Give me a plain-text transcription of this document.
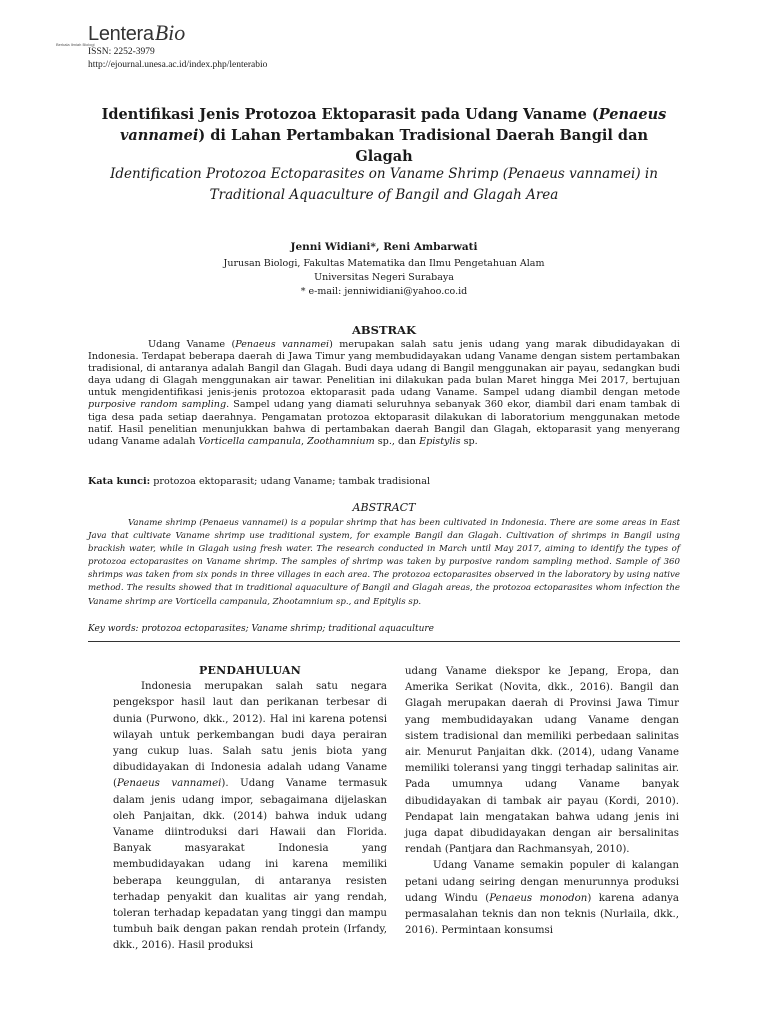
Lentera Bio
Berkala Ilmiah Biologi
ISSN: 2252-3979
http://ejournal.unesa.ac.id/index.php/lenterabio
Identifikasi Jenis Protozoa Ektoparasit pada Udang Vaname (Penaeus vannamei) di Lahan Pertambakan Tradisional Daerah Bangil dan Glagah
Identification Protozoa Ectoparasites on Vaname Shrimp (Penaeus vannamei) in Traditional Aquaculture of Bangil and Glagah Area
Jenni Widiani*, Reni Ambarwati
Jurusan Biologi, Fakultas Matematika dan Ilmu Pengetahuan Alam
Universitas Negeri Surabaya
* e-mail: jenniwidiani@yahoo.co.id
ABSTRAK
Udang Vaname (Penaeus vannamei) merupakan salah satu jenis udang yang marak dibudidayakan di Indonesia. Terdapat beberapa daerah di Jawa Timur yang membudidayakan udang Vaname dengan sistem pertambakan tradisional, di antaranya adalah Bangil dan Glagah. Budi daya udang di Bangil menggunakan air payau, sedangkan budi daya udang di Glagah menggunakan air tawar. Penelitian ini dilakukan pada bulan Maret hingga Mei 2017, bertujuan untuk mengidentifikasi jenis-jenis protozoa ektoparasit pada udang Vaname. Sampel udang diambil dengan metode purposive random sampling. Sampel udang yang diamati seluruhnya sebanyak 360 ekor, diambil dari enam tambak di tiga desa pada setiap daerahnya. Pengamatan protozoa ektoparasit dilakukan di laboratorium menggunakan metode natif. Hasil penelitian menunjukkan bahwa di pertambakan daerah Bangil dan Glagah, ektoparasit yang menyerang udang Vaname adalah Vorticella campanula, Zoothamnium sp., dan Epistylis sp.
Kata kunci: protozoa ektoparasit; udang Vaname; tambak tradisional
ABSTRACT
Vaname shrimp (Penaeus vannamei) is a popular shrimp that has been cultivated in Indonesia. There are some areas in East Java that cultivate Vaname shrimp use traditional system, for example Bangil dan Glagah. Cultivation of shrimps in Bangil using brackish water, while in Glagah using fresh water. The research conducted in March until May 2017, aiming to identify the types of protozoa ectoparasites on Vaname shrimp. The samples of shrimp was taken by purposive random sampling method. Sample of 360 shrimps was taken from six ponds in three villages in each area. The protozoa ectoparasites observed in the laboratory by using native method. The results showed that in traditional aquaculture of Bangil and Glagah areas, the protozoa ectoparasites whom infection the Vaname shrimp are Vorticella campanula, Zhootamnium sp., and Epitylis sp.
Key words: protozoa ectoparasites; Vaname shrimp; traditional aquaculture
PENDAHULUAN

Indonesia merupakan salah satu negara pengekspor hasil laut dan perikanan terbesar di dunia (Purwono, dkk., 2012). Hal ini karena potensi wilayah untuk perkembangan budi daya perairan yang cukup luas. Salah satu jenis biota yang dibudidayakan di Indonesia adalah udang Vaname (Penaeus vannamei). Udang Vaname termasuk dalam jenis udang impor, sebagaimana dijelaskan oleh Panjaitan, dkk. (2014) bahwa induk udang Vaname diintroduksi dari Hawaii dan Florida. Banyak masyarakat Indonesia yang membudidayakan udang ini karena memiliki beberapa keunggulan, di antaranya resisten terhadap penyakit dan kualitas air yang rendah, toleran terhadap kepadatan yang tinggi dan mampu tumbuh baik dengan pakan rendah protein (Irfandy, dkk., 2016). Hasil produksi

udang Vaname diekspor ke Jepang, Eropa, dan Amerika Serikat (Novita, dkk., 2016). Bangil dan Glagah merupakan daerah di Provinsi Jawa Timur yang membudidayakan udang Vaname dengan sistem tradisional dan memiliki perbedaan salinitas air. Menurut Panjaitan dkk. (2014), udang Vaname memiliki toleransi yang tinggi terhadap salinitas air. Pada umumnya udang Vaname banyak dibudidayakan di tambak air payau (Kordi, 2010). Pendapat lain mengatakan bahwa udang jenis ini juga dapat dibudidayakan dengan air bersalinitas rendah (Pantjara dan Rachmansyah, 2010).

Udang Vaname semakin populer di kalangan petani udang seiring dengan menurunnya produksi udang Windu (Penaeus monodon) karena adanya permasalahan teknis dan non teknis (Nurlaila, dkk., 2016). Permintaan konsumsi
